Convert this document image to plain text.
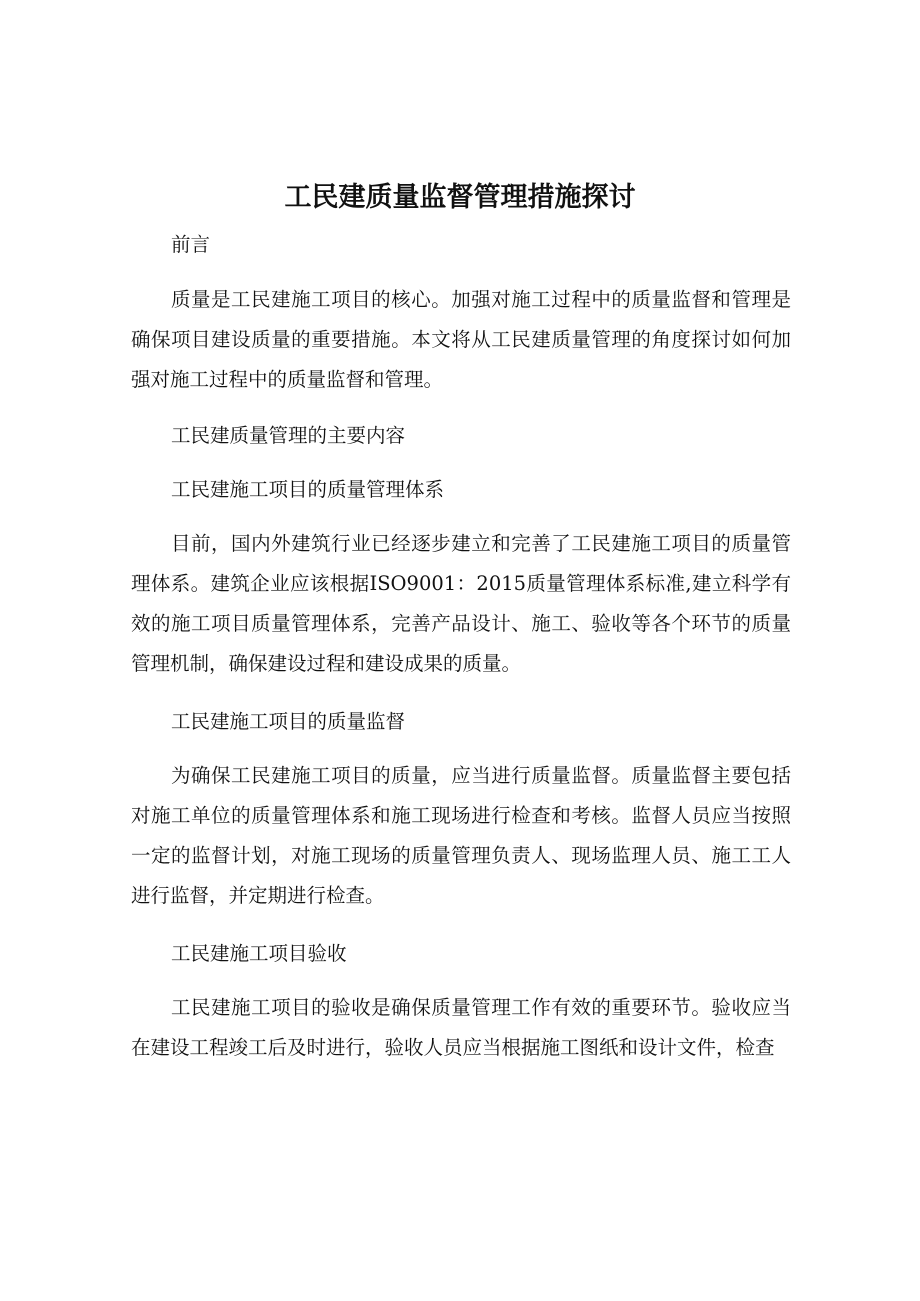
工民建质量监督管理措施探讨

前言

质量是工民建施工项目的核心。加强对施工过程中的质量监督和管理是确保项目建设质量的重要措施。本文将从工民建质量管理的角度探讨如何加强对施工过程中的质量监督和管理。

工民建质量管理的主要内容

工民建施工项目的质量管理体系

目前，国内外建筑行业已经逐步建立和完善了工民建施工项目的质量管理体系。建筑企业应该根据ISO9001：2015质量管理体系标准,建立科学有效的施工项目质量管理体系，完善产品设计、施工、验收等各个环节的质量管理机制，确保建设过程和建设成果的质量。

工民建施工项目的质量监督

为确保工民建施工项目的质量，应当进行质量监督。质量监督主要包括对施工单位的质量管理体系和施工现场进行检查和考核。监督人员应当按照一定的监督计划，对施工现场的质量管理负责人、现场监理人员、施工工人进行监督，并定期进行检查。

工民建施工项目验收

工民建施工项目的验收是确保质量管理工作有效的重要环节。验收应当在建设工程竣工后及时进行，验收人员应当根据施工图纸和设计文件，检查
